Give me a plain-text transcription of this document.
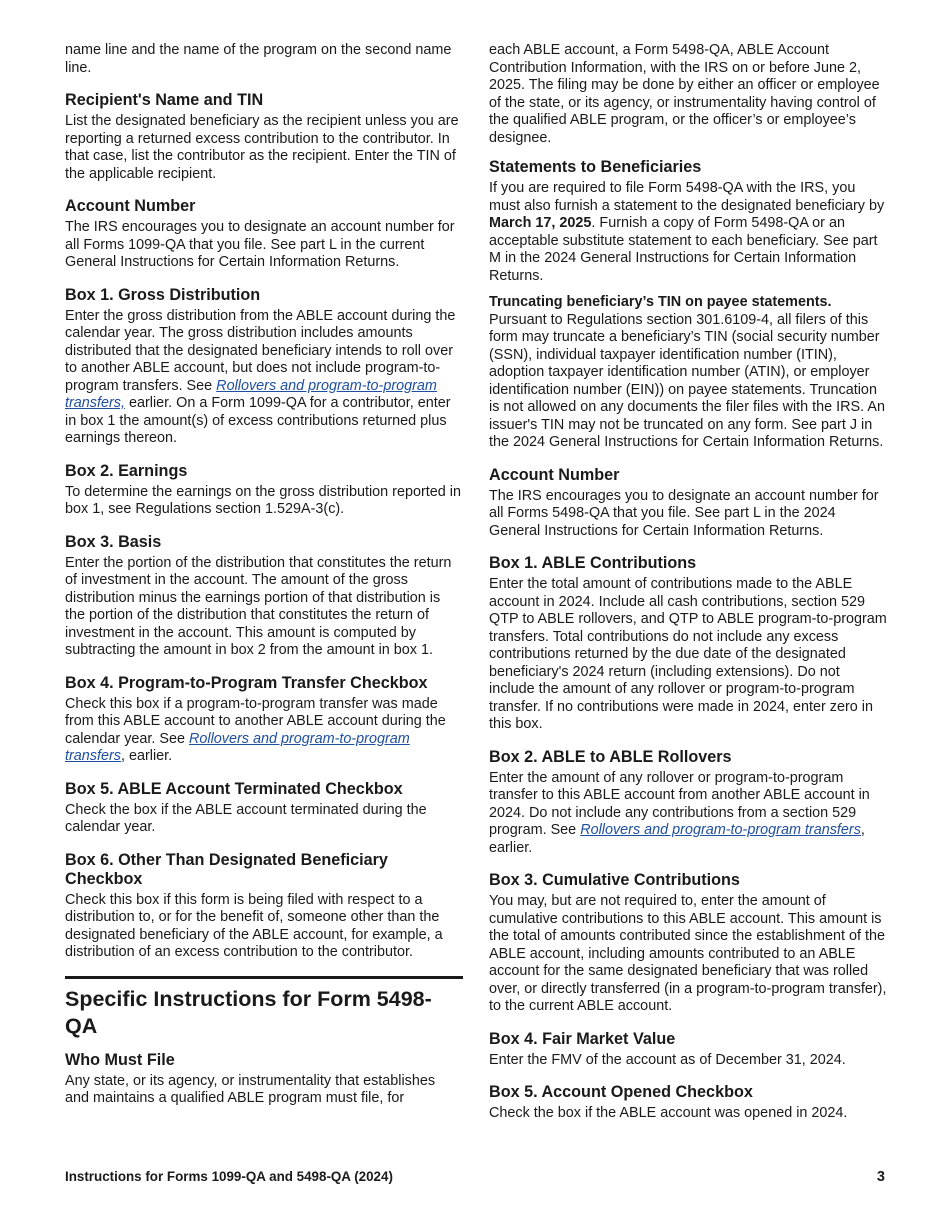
name line and the name of the program on the second name line.

Recipient's Name and TIN

List the designated beneficiary as the recipient unless you are reporting a returned excess contribution to the contributor. In that case, list the contributor as the recipient. Enter the TIN of the applicable recipient.

Account Number

The IRS encourages you to designate an account number for all Forms 1099-QA that you file. See part L in the current General Instructions for Certain Information Returns.

Box 1. Gross Distribution

Enter the gross distribution from the ABLE account during the calendar year. The gross distribution includes amounts distributed that the designated beneficiary intends to roll over to another ABLE account, but does not include program-to-program transfers. See Rollovers and program-to-program transfers, earlier. On a Form 1099-QA for a contributor, enter in box 1 the amount(s) of excess contributions returned plus earnings thereon.

Box 2. Earnings

To determine the earnings on the gross distribution reported in box 1, see Regulations section 1.529A-3(c).

Box 3. Basis

Enter the portion of the distribution that constitutes the return of investment in the account. The amount of the gross distribution minus the earnings portion of that distribution is the portion of the distribution that constitutes the return of investment in the account. This amount is computed by subtracting the amount in box 2 from the amount in box 1.

Box 4. Program-to-Program Transfer Checkbox

Check this box if a program-to-program transfer was made from this ABLE account to another ABLE account during the calendar year. See Rollovers and program-to-program transfers, earlier.

Box 5. ABLE Account Terminated Checkbox

Check the box if the ABLE account terminated during the calendar year.

Box 6. Other Than Designated Beneficiary Checkbox

Check this box if this form is being filed with respect to a distribution to, or for the benefit of, someone other than the designated beneficiary of the ABLE account, for example, a distribution of an excess contribution to the contributor.

Specific Instructions for Form 5498-QA
Who Must File

Any state, or its agency, or instrumentality that establishes and maintains a qualified ABLE program must file, for

each ABLE account, a Form 5498-QA, ABLE Account Contribution Information, with the IRS on or before June 2, 2025. The filing may be done by either an officer or employee of the state, or its agency, or instrumentality having control of the qualified ABLE program, or the officer’s or employee’s designee.

Statements to Beneficiaries

If you are required to file Form 5498-QA with the IRS, you must also furnish a statement to the designated beneficiary by March 17, 2025. Furnish a copy of Form 5498-QA or an acceptable substitute statement to each beneficiary. See part M in the 2024 General Instructions for Certain Information Returns.

Truncating beneficiary’s TIN on payee statements. Pursuant to Regulations section 301.6109-4, all filers of this form may truncate a beneficiary’s TIN (social security number (SSN), individual taxpayer identification number (ITIN), adoption taxpayer identification number (ATIN), or employer identification number (EIN)) on payee statements. Truncation is not allowed on any documents the filer files with the IRS. An issuer's TIN may not be truncated on any form. See part J in the 2024 General Instructions for Certain Information Returns.

Account Number

The IRS encourages you to designate an account number for all Forms 5498-QA that you file. See part L in the 2024 General Instructions for Certain Information Returns.

Box 1. ABLE Contributions

Enter the total amount of contributions made to the ABLE account in 2024. Include all cash contributions, section 529 QTP to ABLE rollovers, and QTP to ABLE program-to-program transfers. Total contributions do not include any excess contributions returned by the due date of the designated beneficiary's 2024 return (including extensions). Do not include the amount of any rollover or program-to-program transfer. If no contributions were made in 2024, enter zero in this box.

Box 2. ABLE to ABLE Rollovers

Enter the amount of any rollover or program-to-program transfer to this ABLE account from another ABLE account in 2024. Do not include any contributions from a section 529 program. See Rollovers and program-to-program transfers, earlier.

Box 3. Cumulative Contributions

You may, but are not required to, enter the amount of cumulative contributions to this ABLE account. This amount is the total of amounts contributed since the establishment of the ABLE account, including amounts contributed to an ABLE account for the same designated beneficiary that was rolled over, or directly transferred (in a program-to-program transfer), to the current ABLE account.

Box 4. Fair Market Value

Enter the FMV of the account as of December 31, 2024.

Box 5. Account Opened Checkbox

Check the box if the ABLE account was opened in 2024.

Instructions for Forms 1099-QA and 5498-QA (2024)	3
